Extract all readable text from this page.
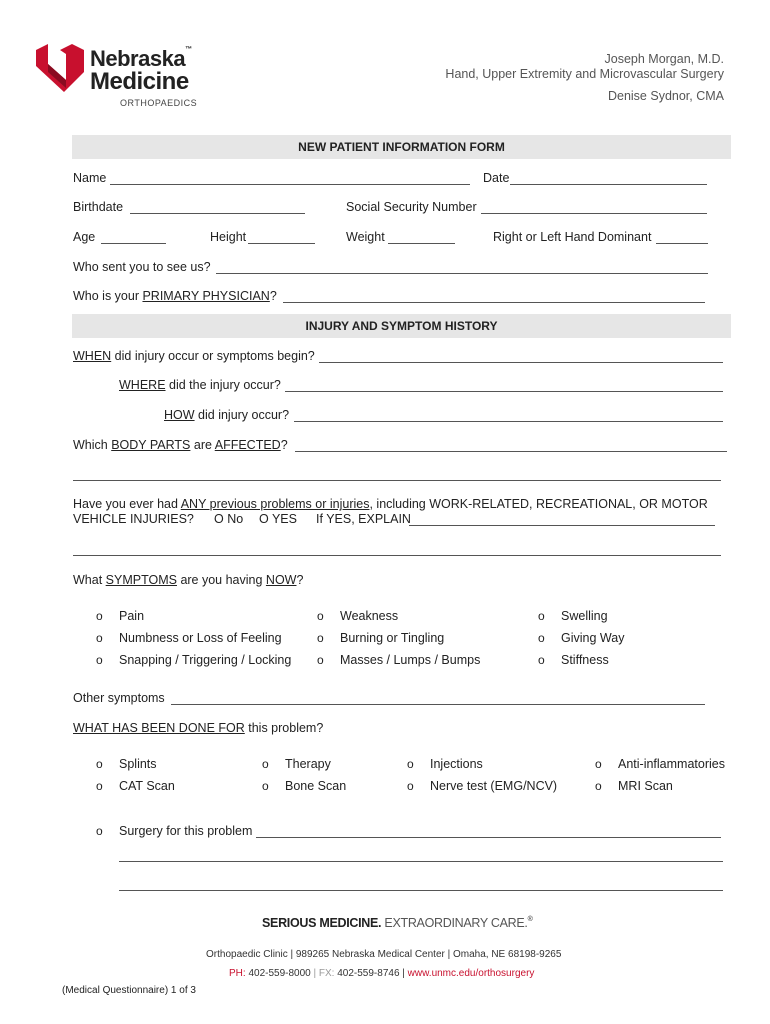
Nebraska™
Medicine
ORTHOPAEDICS
Joseph Morgan, M.D.
Hand, Upper Extremity and Microvascular Surgery
Denise Sydnor, CMA
NEW PATIENT INFORMATION FORM
Name	Date
Birthdate	Social Security Number
Age	Height	Weight	Right or Left Hand Dominant
Who sent you to see us?
Who is your PRIMARY PHYSICIAN?
INJURY AND SYMPTOM HISTORY
WHEN did injury occur or symptoms begin?
WHERE did the injury occur?
HOW did injury occur?
Which BODY PARTS are AFFECTED?
Have you ever had ANY previous problems or injuries, including WORK-RELATED, RECREATIONAL, OR MOTOR
VEHICLE INJURIES? O No O YES If YES, EXPLAIN
What SYMPTOMS are you having NOW?
o Pain	o Weakness	o Swelling
o Numbness or Loss of Feeling	o Burning or Tingling	o Giving Way
o Snapping / Triggering / Locking o Masses / Lumps / Bumps	o Stiffness
Other symptoms
WHAT HAS BEEN DONE FOR this problem?
o Splints	o Therapy	o Injections	o Anti-inflammatories
o CAT Scan	o Bone Scan	o Nerve test (EMG/NCV)	o MRI Scan
o Surgery for this problem
SERIOUS MEDICINE. EXTRAORDINARY CARE.®
Orthopaedic Clinic | 989265 Nebraska Medical Center | Omaha, NE 68198-9265
PH: 402-559-8000 | FX: 402-559-8746 | www.unmc.edu/orthosurgery
(Medical Questionnaire) 1 of 3
